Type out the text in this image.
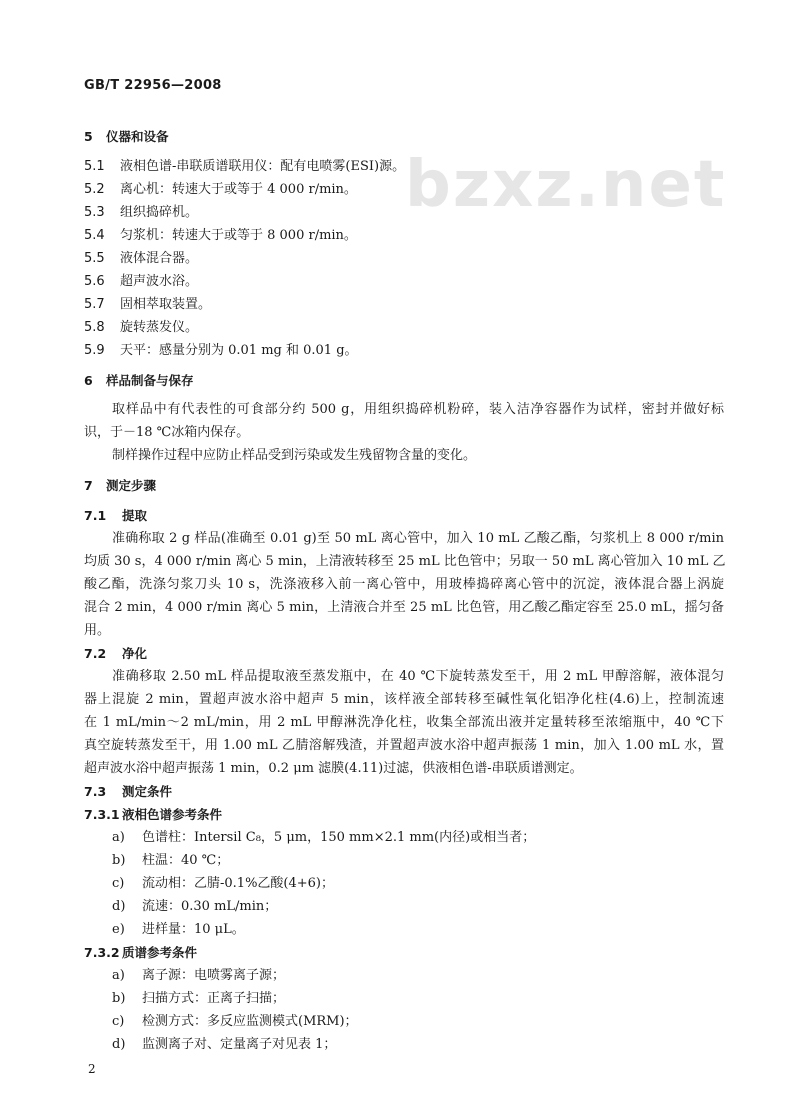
GB/T 22956—2008
bzxz.net
5 仪器和设备
5.1 液相色谱-串联质谱联用仪：配有电喷雾(ESI)源。
5.2 离心机：转速大于或等于 4 000 r/min。
5.3 组织捣碎机。
5.4 匀浆机：转速大于或等于 8 000 r/min。
5.5 液体混合器。
5.6 超声波水浴。
5.7 固相萃取装置。
5.8 旋转蒸发仪。
5.9 天平：感量分别为 0.01 mg 和 0.01 g。
6 样品制备与保存
取样品中有代表性的可食部分约 500 g，用组织捣碎机粉碎，装入洁净容器作为试样，密封并做好标
识，于－18 ℃冰箱内保存。
制样操作过程中应防止样品受到污染或发生残留物含量的变化。
7 测定步骤
7.1 提取
准确称取 2 g 样品(准确至 0.01 g)至 50 mL 离心管中，加入 10 mL 乙酸乙酯，匀浆机上 8 000 r/min
均质 30 s，4 000 r/min 离心 5 min，上清液转移至 25 mL 比色管中；另取一 50 mL 离心管加入 10 mL 乙
酸乙酯，洗涤匀浆刀头 10 s，洗涤液移入前一离心管中，用玻棒捣碎离心管中的沉淀，液体混合器上涡旋
混合 2 min，4 000 r/min 离心 5 min，上清液合并至 25 mL 比色管，用乙酸乙酯定容至 25.0 mL，摇匀备
用。
7.2 净化
准确移取 2.50 mL 样品提取液至蒸发瓶中，在 40 ℃下旋转蒸发至干，用 2 mL 甲醇溶解，液体混匀
器上混旋 2 min，置超声波水浴中超声 5 min，该样液全部转移至碱性氧化铝净化柱(4.6)上，控制流速
在 1 mL/min～2 mL/min，用 2 mL 甲醇淋洗净化柱，收集全部流出液并定量转移至浓缩瓶中，40 ℃下
真空旋转蒸发至干，用 1.00 mL 乙腈溶解残渣，并置超声波水浴中超声振荡 1 min，加入 1.00 mL 水，置
超声波水浴中超声振荡 1 min，0.2 μm 滤膜(4.11)过滤，供液相色谱-串联质谱测定。
7.3 测定条件
7.3.1 液相色谱参考条件
a) 色谱柱：Intersil C₈，5 μm，150 mm×2.1 mm(内径)或相当者；
b) 柱温：40 ℃；
c) 流动相：乙腈-0.1%乙酸(4+6)；
d) 流速：0.30 mL/min；
e) 进样量：10 μL。
7.3.2 质谱参考条件
a) 离子源：电喷雾离子源；
b) 扫描方式：正离子扫描；
c) 检测方式：多反应监测模式(MRM)；
d) 监测离子对、定量离子对见表 1；
2
